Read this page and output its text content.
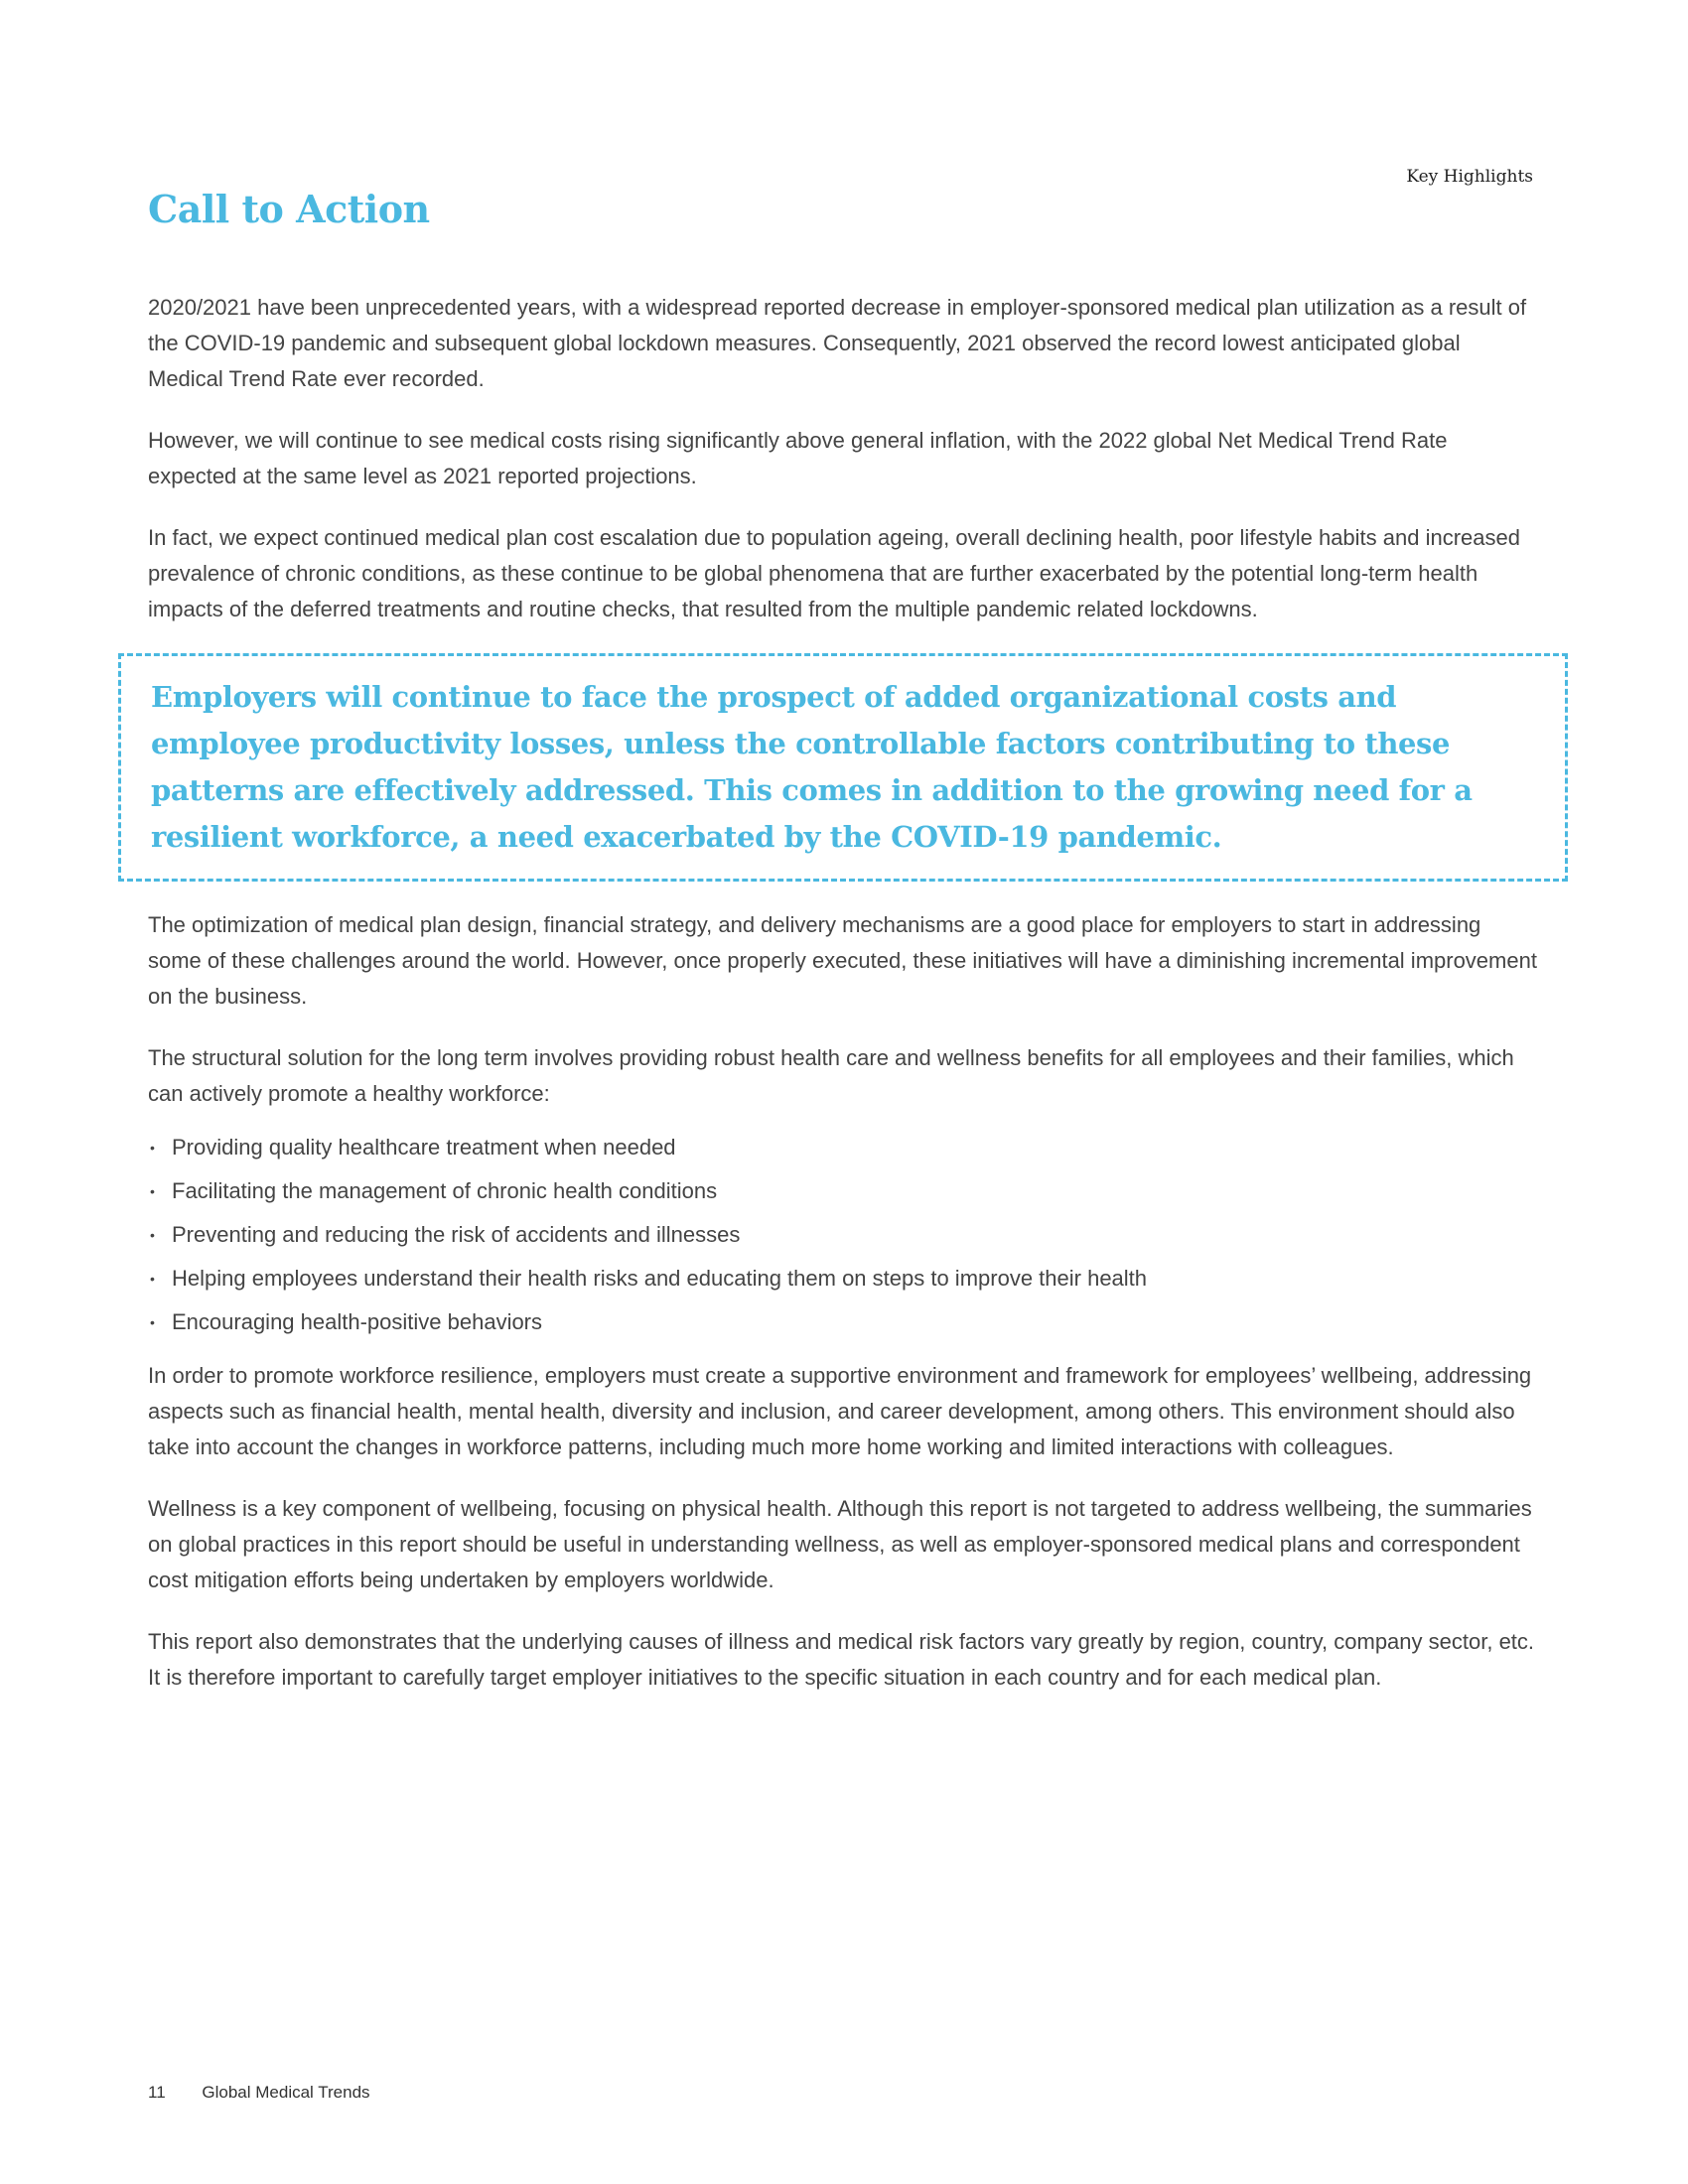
Key Highlights
Call to Action

2020/2021 have been unprecedented years, with a widespread reported decrease in employer-sponsored medical plan utilization as a result of the COVID-19 pandemic and subsequent global lockdown measures. Consequently, 2021 observed the record lowest anticipated global Medical Trend Rate ever recorded.

However, we will continue to see medical costs rising significantly above general inflation, with the 2022 global Net Medical Trend Rate expected at the same level as 2021 reported projections.

In fact, we expect continued medical plan cost escalation due to population ageing, overall declining health, poor lifestyle habits and increased prevalence of chronic conditions, as these continue to be global phenomena that are further exacerbated by the potential long-term health impacts of the deferred treatments and routine checks, that resulted from the multiple pandemic related lockdowns.

Employers will continue to face the prospect of added organizational costs and employee productivity losses, unless the controllable factors contributing to these patterns are effectively addressed. This comes in addition to the growing need for a resilient workforce, a need exacerbated by the COVID-19 pandemic.

The optimization of medical plan design, financial strategy, and delivery mechanisms are a good place for employers to start in addressing some of these challenges around the world. However, once properly executed, these initiatives will have a diminishing incremental improvement on the business.

The structural solution for the long term involves providing robust health care and wellness benefits for all employees and their families, which can actively promote a healthy workforce:

• Providing quality healthcare treatment when needed
• Facilitating the management of chronic health conditions
• Preventing and reducing the risk of accidents and illnesses
• Helping employees understand their health risks and educating them on steps to improve their health
• Encouraging health-positive behaviors

In order to promote workforce resilience, employers must create a supportive environment and framework for employees’ wellbeing, addressing aspects such as financial health, mental health, diversity and inclusion, and career development, among others. This environment should also take into account the changes in workforce patterns, including much more home working and limited interactions with colleagues.

Wellness is a key component of wellbeing, focusing on physical health. Although this report is not targeted to address wellbeing, the summaries on global practices in this report should be useful in understanding wellness, as well as employer-sponsored medical plans and correspondent cost mitigation efforts being undertaken by employers worldwide.

This report also demonstrates that the underlying causes of illness and medical risk factors vary greatly by region, country, company sector, etc. It is therefore important to carefully target employer initiatives to the specific situation in each country and for each medical plan.

11 Global Medical Trends
